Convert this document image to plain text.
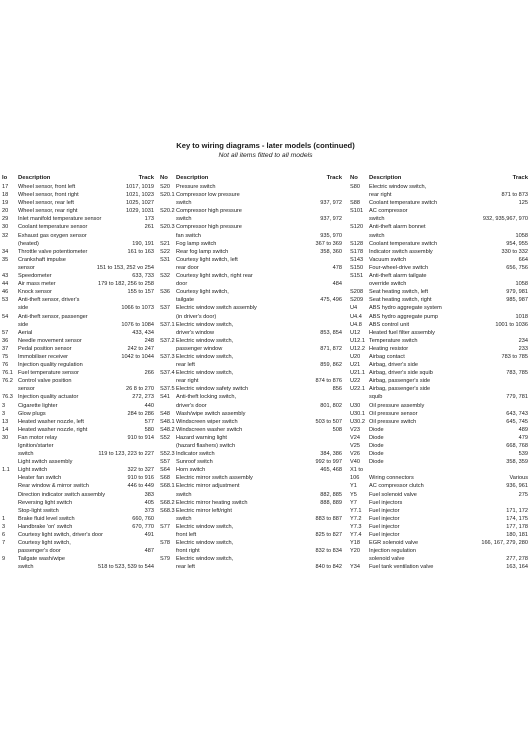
Key to wiring diagrams - later models (continued)
Not all items fitted to all models
lo	Description	Track
17	Wheel sensor, front left	1017, 1019
18	Wheel sensor, front right	1021, 1023
19	Wheel sensor, rear left	1025, 1027
20	Wheel sensor, rear right	1029, 1031
29	Inlet manifold temperature sensor	173
30	Coolant temperature sensor	261
32	Exhaust gas oxygen sensor
(heated)	190, 191
34	Throttle valve potentiometer	161 to 163
35	Crankshaft impulse
sensor	151 to 153, 252 vo 254
43	Speedometer	633, 733
44	Air mass meter	179 to 182, 256 to 258
46	Knock sensor	155 to 157
53	Anti-theft sensor, driver's
side	1066 to 1073
54	Anti-theft sensor, passenger
side	1076 to 1084
57	Aerial	433, 434
36	Needle movement sensor	248
37	Pedal position sensor	242 to 247
75	Immobiliser receiver	1042 to 1044
76	Injection quality regulation
76.1 Fuel temperature sensor	266
76.2 Control valve position
sensor	26 8 to 270
76.3 Injection quality actuator	272, 273
3	Cigarette lighter	440
3	Glow plugs	284 to 286
13	Heated washer nozzle, left	577
14	Heated washer nozzle, right	580
30	Fan motor relay	910 to 914
Ignition/starter
switch	119 to 123, 223 to 227
Light switch assembly
1.1	Light switch	322 to 327
Heater fan switch	910 to 916
Rear window & mirror switch	446 to 449
Direction indicator switch assembly	383
Reversing light switch	405
Stop-light switch	373
1	Brake fluid level switch	660, 760
3	Handbrake 'on' switch	670, 770
6	Courtesy light switch, driver's door	491
7	Courtesy light switch,
passenger's door	487
9	Tailgate wash/wipe
switch	518 to 523, 539 to 544
No	Description	Track
S20	Pressure switch
S20.1 Compressor low pressure
switch	937, 972
S20.2 Compressor high pressure
switch	937, 972
S20.3 Compressor high pressure
fan switch	935, 970
S21	Fog lamp switch	367 to 369
S22	Rear fog lamp switch	358, 360
S31	Courtesy light switch, left
rear door	478
S32	Courtesy light switch, right rear
door	484
S36	Courtesy light switch,
tailgate	475, 496
S37	Electric window switch assembly
(in driver's door)
S37.1 Electric window switch,
driver's window	853, 854
S37.2 Electric window switch,
passenger window	871, 872
S37.3 Electric window switch,
rear left	859, 862
S37.4 Electric window switch,
rear right	874 to 876
S37.5 Electric window safety switch	856
S41	Anti-theft locking switch,
driver's door	801, 802
S48	Wash/wipe switch assembly
S48.1 Windscreen wiper switch	503 to 507
S48.2 Windscreen washer switch	508
S52	Hazard warning light
(hazard flashers) switch
S52.3 Indicator switch	384, 386
S57	Sunroof switch	992 to 997
S64	Horn switch	465, 468
S68	Electric mirror switch assembly
S68.1 Electric mirror adjustment
switch	882, 885
S68.2 Electric mirror heating switch	888, 889
S68.3 Electric mirror left/right
switch	883 to 887
S77	Electric window switch,
front left	825 to 827
S78	Electric window switch,
front right	832 to 834
S79	Electric window switch,
rear left	840 to 842
No	Description	Track
S80	Electric window switch,
rear right	871 to 873
S88	Coolant temperature switch	125
S101	AC compressor
switch	932, 935,967, 970
S120	Anti-theft alarm bonnet
switch	1058
S128	Coolant temperature switch	954, 955
S178	Indicator switch assembly	330 to 332
S143	Vacuum switch	664
S150	Four-wheel-drive switch	656, 756
S151	Anti-theft alarm tailgate
override switch	1058
S208	Seat heating switch, left	979, 981
S209	Seat heating switch, right	985, 987
U4	ABS hydro aggregate system
U4.4	ABS hydro aggregate pump	1018
U4.8	ABS control unit	1001 to 1036
U12	Heated fuel filter assembly
U12.1 Temperature switch	234
U12.2 Heating resistor	233
U20	Airbag contact	783 to 785
U21	Airbag, driver's side
U21.1 Airbag, driver's side squib	783, 785
U22	Airbag, passenger's side
U22.1 Airbag, passenger's side
squib	779, 781
U30	Oil pressure assembly
U30.1 Oil pressure sensor	643, 743
U30.2 Oil pressure switch	645, 745
V23	Diode	489
V24	Diode	479
V25	Diode	668, 768
V26	Diode	539
V40	Diode	358, 359
X1 to
106	Wiring connectors	Various
Y1	AC compressor clutch	936, 961
Y5	Fuel solenoid valve	275
Y7	Fuel injectors
Y7.1	Fuel injector	171, 172
Y7.2	Fuel injector	174, 175
Y7.3	Fuel injector	177, 178
Y7.4	Fuel injector	180, 181
Y18	EGR solenoid valve	166, 167, 279, 280
Y20	Injection regulation
solenoid valve	277, 278
Y34	Fuel tank ventilation valve	163, 164
